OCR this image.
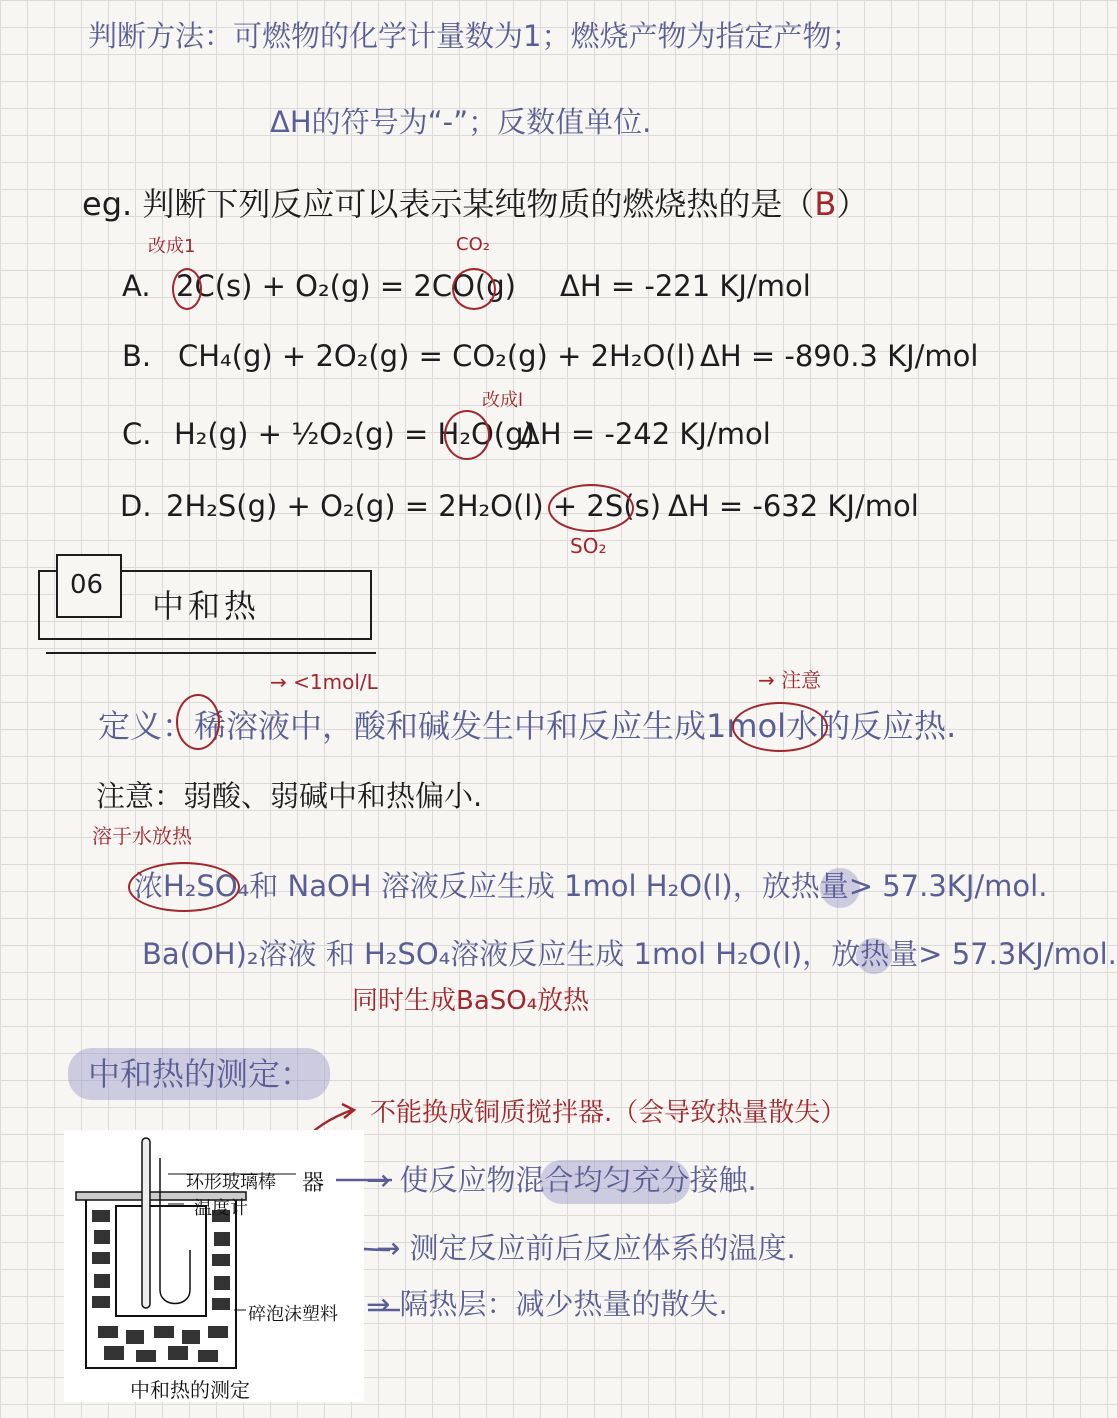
判断方法：可燃物的化学计量数为1；燃烧产物为指定产物；
ΔH的符号为“-”；反数值单位.
eg. 判断下列反应可以表示某纯物质的燃烧热的是（B）
改成1	CO₂
A. 2C(s) + O₂(g) = 2CO(g) ΔH = -221 KJ/mol
B. CH₄(g) + 2O₂(g) = CO₂(g) + 2H₂O(l) ΔH = -890.3 KJ/mol
改成l
C. H₂(g) + ½O₂(g) = H₂O(g)
ΔH = -242 KJ/mol
D. 2H₂S(g) + O₂(g) = 2H₂O(l) + 2S(s) ΔH = -632 KJ/mol
SO₂
06
中和热
→ <1mol/L	→ 注意
定义：稀溶液中，酸和碱发生中和反应生成1mol水的反应热.
注意：弱酸、弱碱中和热偏小.
溶于水放热
浓H₂SO₄和 NaOH 溶液反应生成 1mol H₂O(l)，放热量> 57.3KJ/mol.
Ba(OH)₂溶液 和 H₂SO₄溶液反应生成 1mol H₂O(l)，放热量> 57.3KJ/mol.
同时生成BaSO₄放热
中和热的测定：
不能换成铜质搅拌器.（会导致热量散失）
→ 使反应物混合均匀充分接触.
→ 测定反应前后反应体系的温度.
→ 隔热层：减少热量的散失.
环形玻璃棒 器
温度计
碎泡沫塑料
中和热的测定
